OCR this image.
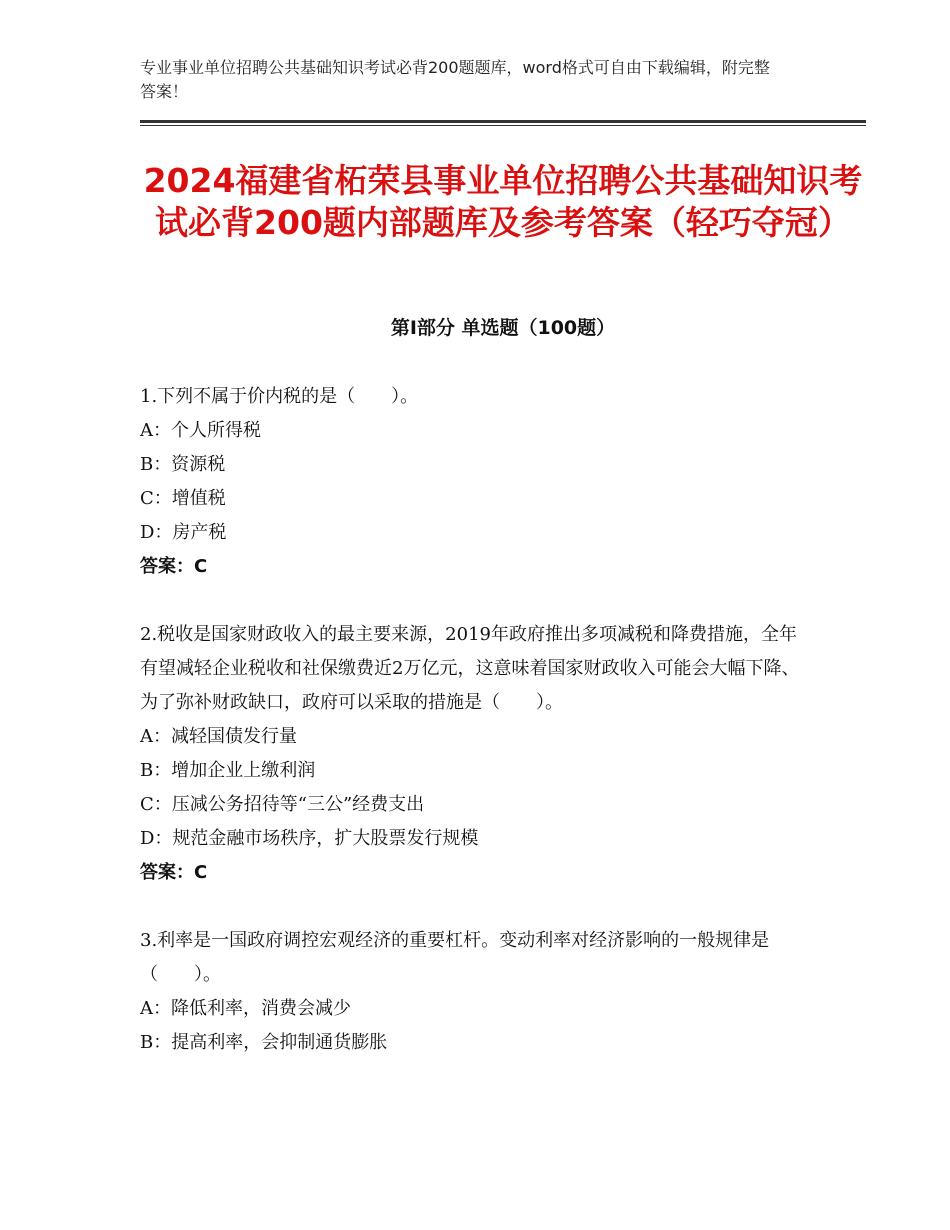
专业事业单位招聘公共基础知识考试必背200题题库，word格式可自由下载编辑，附完整答案！
2024福建省柘荣县事业单位招聘公共基础知识考试必背200题内部题库及参考答案（轻巧夺冠）
第Ⅰ部分 单选题（100题）

1.下列不属于价内税的是（　　）。

A：个人所得税

B：资源税

C：增值税

D：房产税

答案：C

2.税收是国家财政收入的最主要来源，2019年政府推出多项减税和降费措施，全年有望减轻企业税收和社保缴费近2万亿元，这意味着国家财政收入可能会大幅下降、为了弥补财政缺口，政府可以采取的措施是（　　）。

A：减轻国债发行量

B：增加企业上缴利润

C：压减公务招待等“三公”经费支出

D：规范金融市场秩序，扩大股票发行规模

答案：C

3.利率是一国政府调控宏观经济的重要杠杆。变动利率对经济影响的一般规律是（　　）。

A：降低利率，消费会减少

B：提高利率，会抑制通货膨胀
